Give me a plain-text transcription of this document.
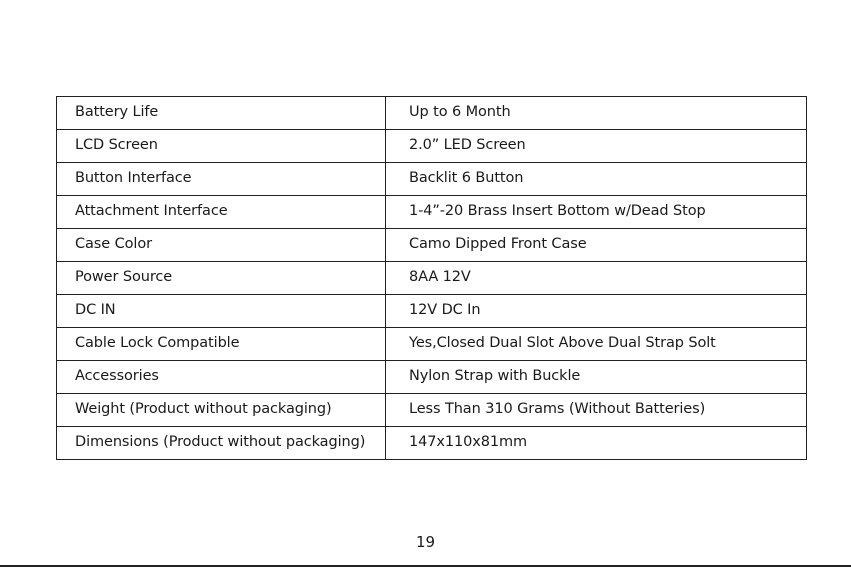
Battery Life	Up to 6 Month
LCD Screen	2.0” LED Screen
Button Interface	Backlit 6 Button
Attachment Interface	1-4”-20 Brass Insert Bottom w/Dead Stop
Case Color	Camo Dipped Front Case
Power Source	8AA 12V
DC IN	12V DC In
Cable Lock Compatible	Yes,Closed Dual Slot Above Dual Strap Solt
Accessories	Nylon Strap with Buckle
Weight (Product without packaging)	Less Than 310 Grams (Without Batteries)
Dimensions (Product without packaging)	147x110x81mm
19
